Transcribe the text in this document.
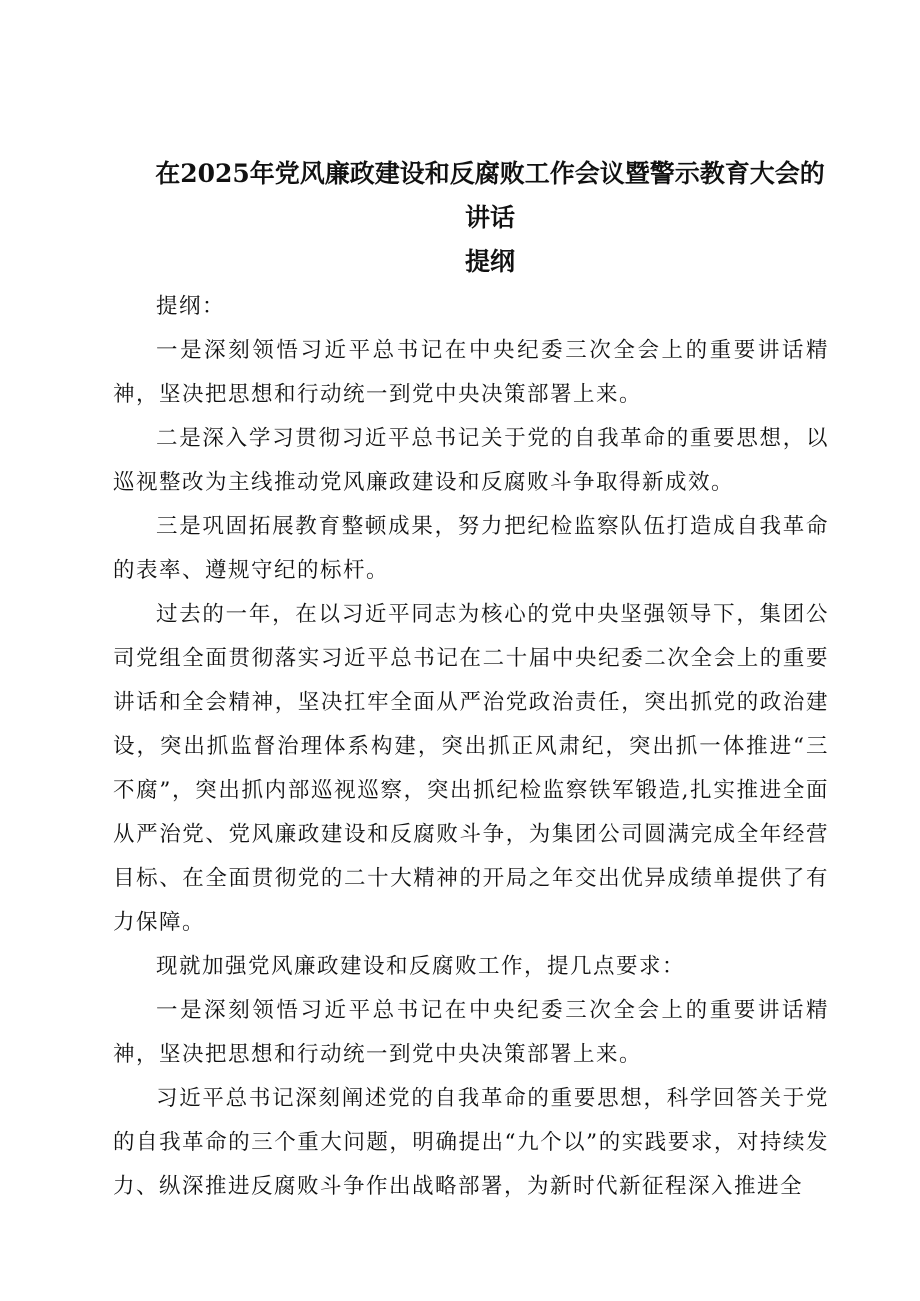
在2025年党风廉政建设和反腐败工作会议暨警示教育大会的讲话
提纲

提纲：

一是深刻领悟习近平总书记在中央纪委三次全会上的重要讲话精神，坚决把思想和行动统一到党中央决策部署上来。

二是深入学习贯彻习近平总书记关于党的自我革命的重要思想，以巡视整改为主线推动党风廉政建设和反腐败斗争取得新成效。

三是巩固拓展教育整顿成果，努力把纪检监察队伍打造成自我革命的表率、遵规守纪的标杆。

过去的一年，在以习近平同志为核心的党中央坚强领导下，集团公司党组全面贯彻落实习近平总书记在二十届中央纪委二次全会上的重要讲话和全会精神，坚决扛牢全面从严治党政治责任，突出抓党的政治建设，突出抓监督治理体系构建，突出抓正风肃纪，突出抓一体推进“三不腐”，突出抓内部巡视巡察，突出抓纪检监察铁军锻造,扎实推进全面从严治党、党风廉政建设和反腐败斗争，为集团公司圆满完成全年经营目标、在全面贯彻党的二十大精神的开局之年交出优异成绩单提供了有力保障。

现就加强党风廉政建设和反腐败工作，提几点要求：

一是深刻领悟习近平总书记在中央纪委三次全会上的重要讲话精神，坚决把思想和行动统一到党中央决策部署上来。

习近平总书记深刻阐述党的自我革命的重要思想，科学回答关于党的自我革命的三个重大问题，明确提出“九个以”的实践要求，对持续发力、纵深推进反腐败斗争作出战略部署，为新时代新征程深入推进全
